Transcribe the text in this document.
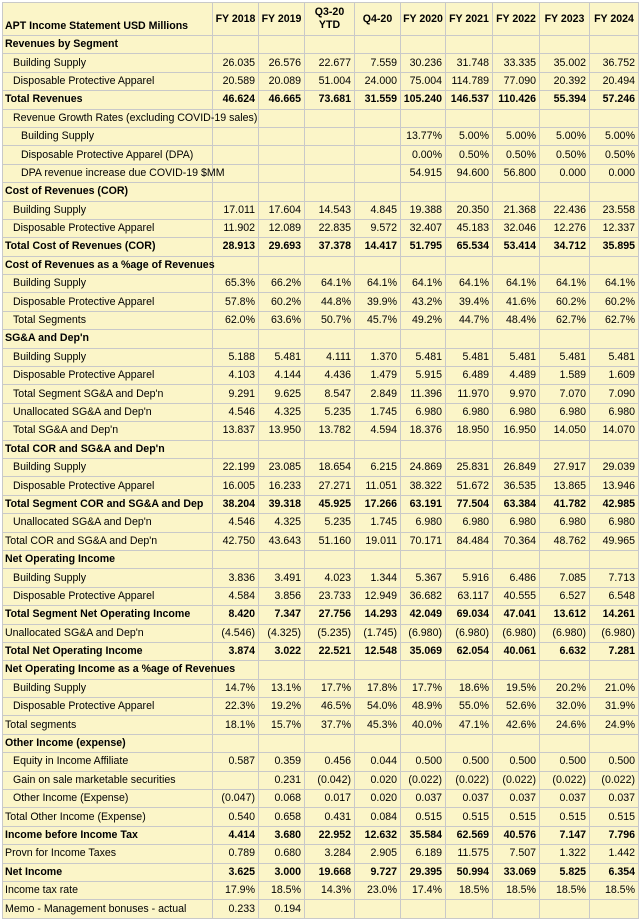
APT Income Statement USD Millions	FY 2018	FY 2019	Q3-20 YTD	Q4-20	FY 2020	FY 2021	FY 2022	FY 2023	FY 2024
Revenues by Segment									
Building Supply	26.035	26.576	22.677	7.559	30.236	31.748	33.335	35.002	36.752
Disposable Protective Apparel	20.589	20.089	51.004	24.000	75.004	114.789	77.090	20.392	20.494
Total Revenues	46.624	46.665	73.681	31.559	105.240	146.537	110.426	55.394	57.246
Revenue Growth Rates (excluding COVID-19 sales)									
Building Supply					13.77%	5.00%	5.00%	5.00%	5.00%
Disposable Protective Apparel (DPA)					0.00%	0.50%	0.50%	0.50%	0.50%
DPA revenue increase due COVID-19 $MM					54.915	94.600	56.800	0.000	0.000
Cost of Revenues (COR)									
Building Supply	17.011	17.604	14.543	4.845	19.388	20.350	21.368	22.436	23.558
Disposable Protective Apparel	11.902	12.089	22.835	9.572	32.407	45.183	32.046	12.276	12.337
Total Cost of Revenues (COR)	28.913	29.693	37.378	14.417	51.795	65.534	53.414	34.712	35.895
Cost of Revenues as a %age of Revenues									
Building Supply	65.3%	66.2%	64.1%	64.1%	64.1%	64.1%	64.1%	64.1%	64.1%
Disposable Protective Apparel	57.8%	60.2%	44.8%	39.9%	43.2%	39.4%	41.6%	60.2%	60.2%
Total Segments	62.0%	63.6%	50.7%	45.7%	49.2%	44.7%	48.4%	62.7%	62.7%
SG&A and Dep'n									
Building Supply	5.188	5.481	4.111	1.370	5.481	5.481	5.481	5.481	5.481
Disposable Protective Apparel	4.103	4.144	4.436	1.479	5.915	6.489	4.489	1.589	1.609
Total Segment SG&A and Dep'n	9.291	9.625	8.547	2.849	11.396	11.970	9.970	7.070	7.090
Unallocated SG&A and Dep'n	4.546	4.325	5.235	1.745	6.980	6.980	6.980	6.980	6.980
Total SG&A and Dep'n	13.837	13.950	13.782	4.594	18.376	18.950	16.950	14.050	14.070
Total COR and SG&A and Dep'n									
Building Supply	22.199	23.085	18.654	6.215	24.869	25.831	26.849	27.917	29.039
Disposable Protective Apparel	16.005	16.233	27.271	11.051	38.322	51.672	36.535	13.865	13.946
Total Segment COR and SG&A and Dep	38.204	39.318	45.925	17.266	63.191	77.504	63.384	41.782	42.985
Unallocated SG&A and Dep'n	4.546	4.325	5.235	1.745	6.980	6.980	6.980	6.980	6.980
Total COR and SG&A and Dep'n	42.750	43.643	51.160	19.011	70.171	84.484	70.364	48.762	49.965
Net Operating Income									
Building Supply	3.836	3.491	4.023	1.344	5.367	5.916	6.486	7.085	7.713
Disposable Protective Apparel	4.584	3.856	23.733	12.949	36.682	63.117	40.555	6.527	6.548
Total Segment Net Operating Income	8.420	7.347	27.756	14.293	42.049	69.034	47.041	13.612	14.261
Unallocated SG&A and Dep'n	(4.546)	(4.325)	(5.235)	(1.745)	(6.980)	(6.980)	(6.980)	(6.980)	(6.980)
Total Net Operating Income	3.874	3.022	22.521	12.548	35.069	62.054	40.061	6.632	7.281
Net Operating Income as a %age of Revenues									
Building Supply	14.7%	13.1%	17.7%	17.8%	17.7%	18.6%	19.5%	20.2%	21.0%
Disposable Protective Apparel	22.3%	19.2%	46.5%	54.0%	48.9%	55.0%	52.6%	32.0%	31.9%
Total segments	18.1%	15.7%	37.7%	45.3%	40.0%	47.1%	42.6%	24.6%	24.9%
Other Income (expense)									
Equity in Income Affiliate	0.587	0.359	0.456	0.044	0.500	0.500	0.500	0.500	0.500
Gain on sale marketable securities		0.231	(0.042)	0.020	(0.022)	(0.022)	(0.022)	(0.022)	(0.022)
Other Income (Expense)	(0.047)	0.068	0.017	0.020	0.037	0.037	0.037	0.037	0.037
Total Other Income (Expense)	0.540	0.658	0.431	0.084	0.515	0.515	0.515	0.515	0.515
Income before Income Tax	4.414	3.680	22.952	12.632	35.584	62.569	40.576	7.147	7.796
Provn for Income Taxes	0.789	0.680	3.284	2.905	6.189	11.575	7.507	1.322	1.442
Net Income	3.625	3.000	19.668	9.727	29.395	50.994	33.069	5.825	6.354
Income tax rate	17.9%	18.5%	14.3%	23.0%	17.4%	18.5%	18.5%	18.5%	18.5%
Memo - Management bonuses - actual	0.233	0.194							
